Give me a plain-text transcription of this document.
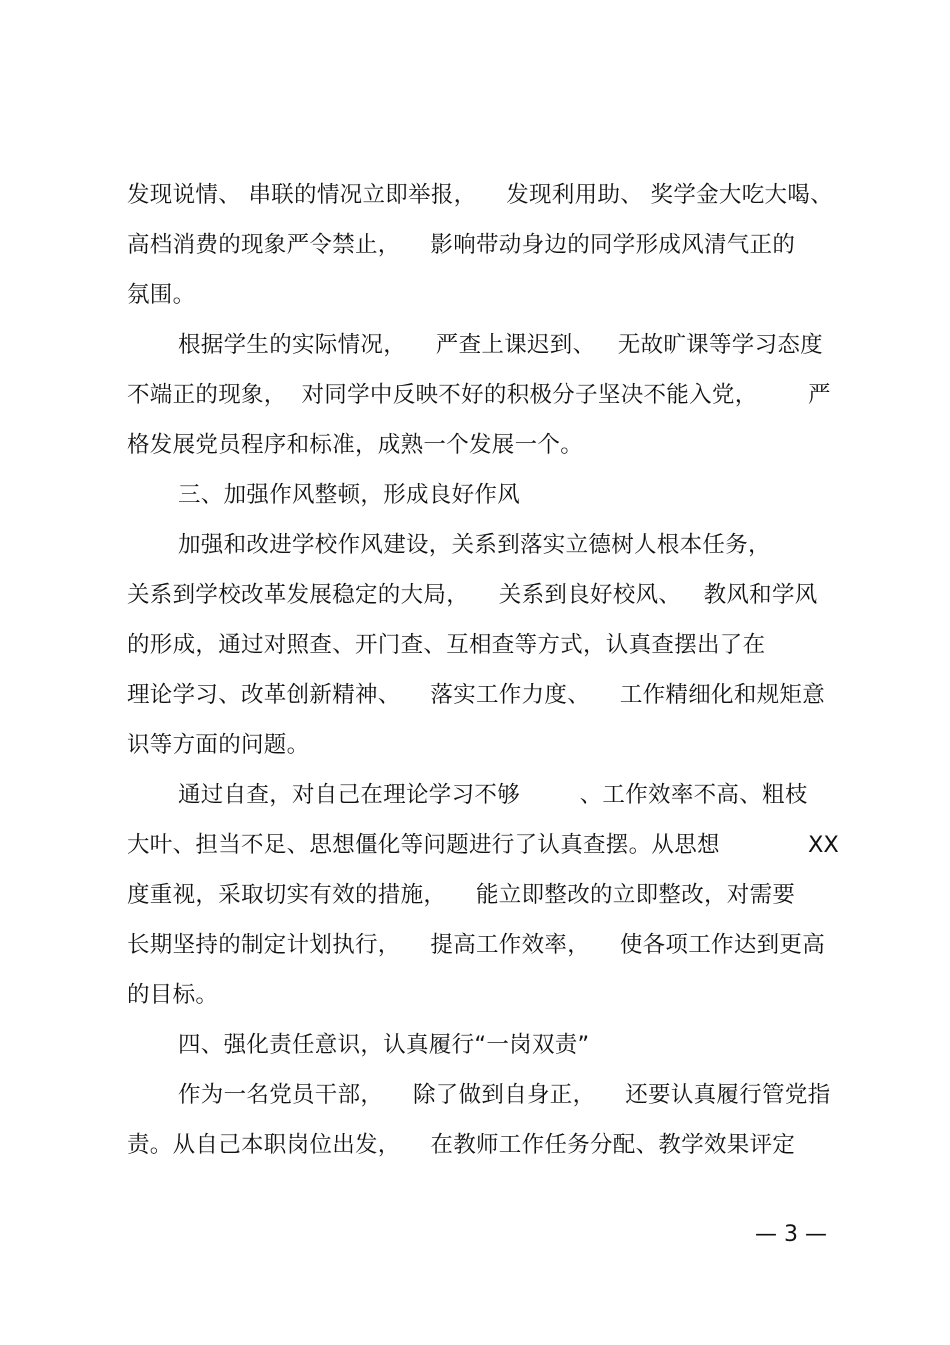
发现说情、 串联的情况立即举报，    发现利用助、 奖学金大吃大喝、
高档消费的现象严令禁止，    影响带动身边的同学形成风清气正的
氛围。
根据学生的实际情况，    严查上课迟到、   无故旷课等学习态度
不端正的现象，  对同学中反映不好的积极分子坚决不能入党， 严
格发展党员程序和标准，成熟一个发展一个。
三、加强作风整顿，形成良好作风
加强和改进学校作风建设，关系到落实立德树人根本任务，
关系到学校改革发展稳定的大局，    关系到良好校风、   教风和学风
的形成，通过对照查、开门查、互相查等方式，认真查摆出了在
理论学习、改革创新精神、    落实工作力度、    工作精细化和规矩意
识等方面的问题。
通过自查，对自己在理论学习不够        、工作效率不高、粗枝
大叶、担当不足、思想僵化等问题进行了认真查摆。从思想	XX
度重视，采取切实有效的措施，    能立即整改的立即整改，对需要
长期坚持的制定计划执行，    提高工作效率，    使各项工作达到更高
的目标。
四、强化责任意识，认真履行“一岗双责”
作为一名党员干部，    除了做到自身正，    还要认真履行管党指
责。从自己本职岗位出发，    在教师工作任务分配、教学效果评定
— 3 —
